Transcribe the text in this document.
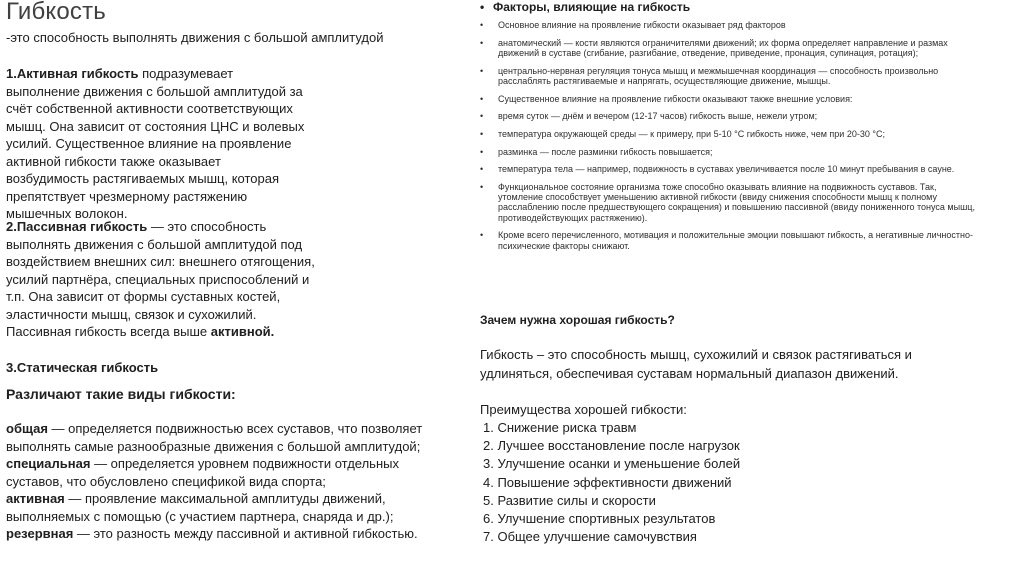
Гибкость
-это способность выполнять движения с большой амплитудой
1.Активная гибкость подразумевает выполнение движения с большой амплитудой за счёт собственной активности соответствующих мышц. Она зависит от состояния ЦНС и волевых усилий. Существенное влияние на проявление активной гибкости также оказывает возбудимость растягиваемых мышц, которая препятствует чрезмерному растяжению мышечных волокон.
2.Пассивная гибкость — это способность выполнять движения с большой амплитудой под воздействием внешних сил: внешнего отягощения, усилий партнёра, специальных приспособлений и т.п. Она зависит от формы суставных костей, эластичности мышц, связок и сухожилий. Пассивная гибкость всегда выше активной.
3.Статическая гибкость
Различают такие виды гибкости:

общая — определяется подвижностью всех суставов, что позволяет выполнять самые разнообразные движения с большой амплитудой;

специальная — определяется уровнем подвижности отдельных суставов, что обусловлено спецификой вида спорта;

активная — проявление максимальной амплитуды движений, выполняемых с помощью (с участием партнера, снаряда и др.);

резервная — это разность между пассивной и активной гибкостью.

• Факторы, влияющие на гибкость
• Основное влияние на проявление гибкости оказывает ряд факторов
• анатомический — кости являются ограничителями движений; их форма определяет направление и размах движений в суставе (сгибание, разгибание, отведение, приведение, пронация, супинация, ротация);
• центрально-нервная регуляция тонуса мышц и межмышечная координация — способность произвольно расслаблять растягиваемые и напрягать, осуществляющие движение, мышцы.
• Существенное влияние на проявление гибкости оказывают также внешние условия:
• время суток — днём и вечером (12-17 часов) гибкость выше, нежели утром;
• температура окружающей среды — к примеру, при 5-10 °С гибкость ниже, чем при 20-30 °С;
• разминка — после разминки гибкость повышается;
• температура тела — например, подвижность в суставах увеличивается после 10 минут пребывания в сауне.
• Функциональное состояние организма тоже способно оказывать влияние на подвижность суставов. Так, утомление способствует уменьшению активной гибкости (ввиду снижения способности мышц к полному расслаблению после предшествующего сокращения) и повышению пассивной (ввиду пониженного тонуса мышц, противодействующих растяжению).
• Кроме всего перечисленного, мотивация и положительные эмоции повышают гибкость, а негативные личностно-психические факторы снижают.
Зачем нужна хорошая гибкость?
Гибкость – это способность мышц, сухожилий и связок растягиваться и удлиняться, обеспечивая суставам нормальный диапазон движений.
Преимущества хорошей гибкости:
1. Снижение риска травм
2. Лучшее восстановление после нагрузок
3. Улучшение осанки и уменьшение болей
4. Повышение эффективности движений
5. Развитие силы и скорости
6. Улучшение спортивных результатов
7. Общее улучшение самочувствия
